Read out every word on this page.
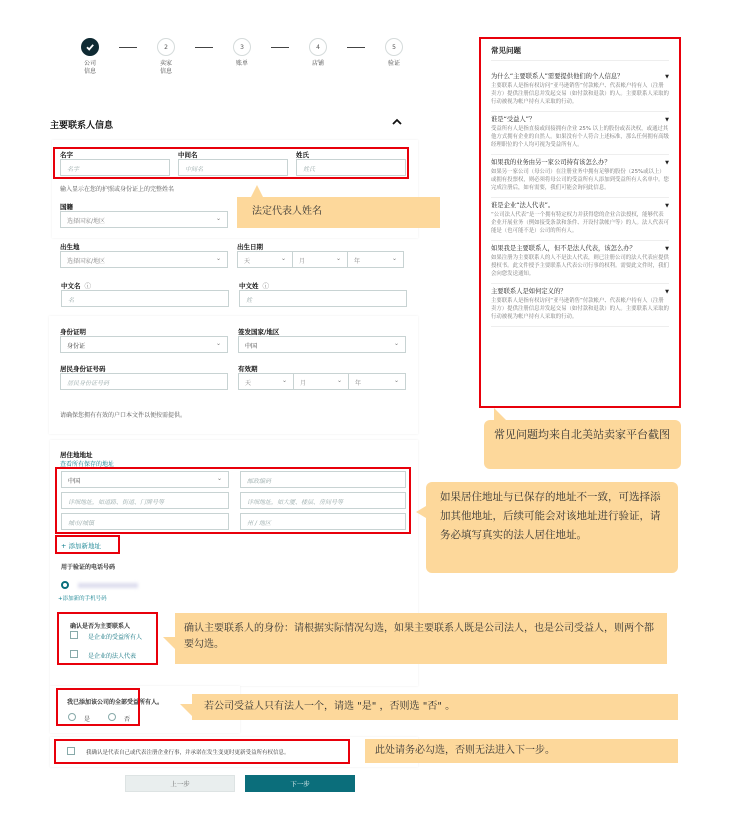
公司
信息
2
卖家
信息
3
账单
4
店铺
5
验证
主要联系人信息
名字
名字
中间名
中间名
姓氏
姓氏
输入显示在您的护照或身份证上的完整姓名
国籍
选择国家/地区	⌄
出生地
选择国家/地区	⌄
出生日期
天	⌄	月	⌄	年	⌄
中文名 ⓘ
名
中文姓 ⓘ
姓
身份证明
身份证	⌄
签发国家/地区
中国	⌄
居民身份证号码
居民身份证号码
有效期
天	⌄	月	⌄	年	⌄
请确保您拥有有效的户口本文件以便按需提供。
居住地地址
查看所有保存的地址
中国	⌄	邮政编码
详细地址，如道路、街道、门牌号等	详细地址，如大厦、楼层、房间号等
城市/城镇	州 / 地区
+ 添加新地址
用于验证的电话号码
+添加新的手机号码
确认是否为主要联系人
是企业的受益所有人
是企业的法人代表
我已添加该公司的全部受益所有人。
是	否
我确认是代表自己或代表注册企业行事，并承诺在发生变更时更新受益所有权信息。
上一步	下一步
常见问题
为什么“主要联系人”需要提供他们的个人信息？	▼
主要联系人是指有权访问“亚马逊销售”付款帐户、代表帐户持有人（注册卖方）提供注册信息并发起交易（如付款和退款）的人。主要联系人采取的行动被视为帐户持有人采取的行动。
谁是“受益人”？	▼
受益所有人是指直接或间接拥有企业 25% 以上的股份或表决权，或通过其他方式拥有企业的自然人。如果没有个人符合上述标准，那么任何拥有高级经理职位的个人均可视为受益所有人。
如果我的业务由另一家公司持有该怎么办？	▼
如果另一家公司（母公司）在注册业务中拥有足够的股份（25%或以上）或拥有投票权，则必须将母公司的受益所有人添加到受益所有人名单中。您完成注册后，如有需要，我们可能会询问此信息。
谁是企业“法人代表”。	▼
“公司法人代表”是一个拥有特定权力并获得您的企业合法授权，能够代表企业开展业务（例如接受条款和条件、开设付款帐户等）的人。法人代表可能是（也可能不是）公司的所有人。
如果我是主要联系人，但不是法人代表，该怎么办？	▼
如果注册为主要联系人的人不是法人代表，则已注册公司的法人代表应提供授权书。此文件授予主要联系人代表公司行事的权利。需要此文件时，我们会向您发送通知。
主要联系人是如何定义的？	▼
主要联系人是指有权访问“亚马逊销售”付款帐户、代表帐户持有人（注册卖方）提供注册信息并发起交易（如付款和退款）的人。主要联系人采取的行动被视为帐户持有人采取的行动。
法定代表人姓名
常见问题均来自北美站卖家平台截图
如果居住地址与已保存的地址不一致，可选择添加其他地址，后续可能会对该地址进行验证，请务必填写真实的法人居住地址。
确认主要联系人的身份：请根据实际情况勾选，如果主要联系人既是公司法人，也是公司受益人，则两个都要勾选。
若公司受益人只有法人一个，请选 "是" ，否则选 "否" 。
此处请务必勾选，否则无法进入下一步。
